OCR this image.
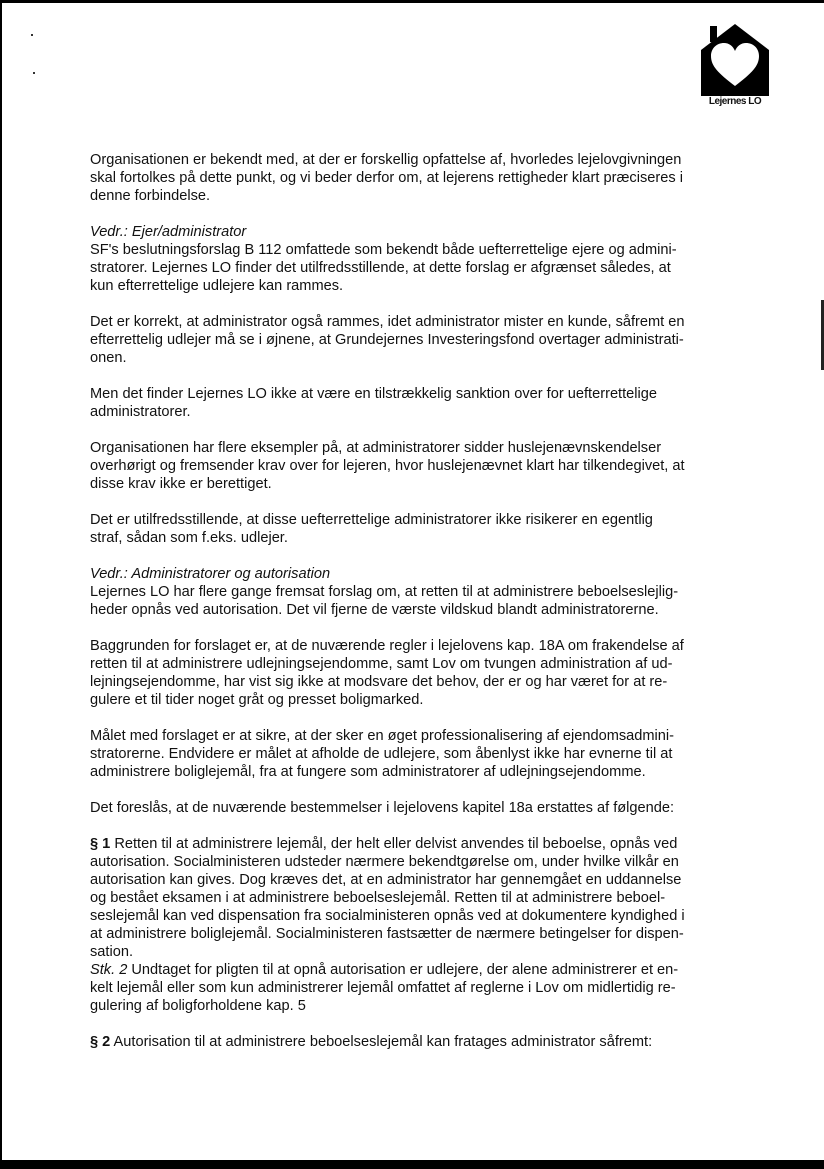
Lejernes LO

Organisationen er bekendt med, at der er forskellig opfattelse af, hvorledes lejelovgivningen
skal fortolkes på dette punkt, og vi beder derfor om, at lejerens rettigheder klart præciseres i
denne forbindelse.

Vedr.: Ejer/administrator

SF's beslutningsforslag B 112 omfattede som bekendt både uefterrettelige ejere og admini-
stratorer. Lejernes LO finder det utilfredsstillende, at dette forslag er afgrænset således, at
kun efterrettelige udlejere kan rammes.

Det er korrekt, at administrator også rammes, idet administrator mister en kunde, såfremt en
efterrettelig udlejer må se i øjnene, at Grundejernes Investeringsfond overtager administrati-
onen.

Men det finder Lejernes LO ikke at være en tilstrækkelig sanktion over for uefterrettelige
administratorer.

Organisationen har flere eksempler på, at administratorer sidder huslejenævnskendelser
overhørigt og fremsender krav over for lejeren, hvor huslejenævnet klart har tilkendegivet, at
disse krav ikke er berettiget.

Det er utilfredsstillende, at disse uefterrettelige administratorer ikke risikerer en egentlig
straf, sådan som f.eks. udlejer.

Vedr.: Administratorer og autorisation

Lejernes LO har flere gange fremsat forslag om, at retten til at administrere beboelseslejlig-
heder opnås ved autorisation. Det vil fjerne de værste vildskud blandt administratorerne.

Baggrunden for forslaget er, at de nuværende regler i lejelovens kap. 18A om frakendelse af
retten til at administrere udlejningsejendomme, samt Lov om tvungen administration af ud-
lejningsejendomme, har vist sig ikke at modsvare det behov, der er og har været for at re-
gulere et til tider noget gråt og presset boligmarked.

Målet med forslaget er at sikre, at der sker en øget professionalisering af ejendomsadmini-
stratorerne. Endvidere er målet at afholde de udlejere, som åbenlyst ikke har evnerne til at
administrere boliglejemål, fra at fungere som administratorer af udlejningsejendomme.

Det foreslås, at de nuværende bestemmelser i lejelovens kapitel 18a erstattes af følgende:

§ 1 Retten til at administrere lejemål, der helt eller delvist anvendes til beboelse, opnås ved
autorisation. Socialministeren udsteder nærmere bekendtgørelse om, under hvilke vilkår en
autorisation kan gives. Dog kræves det, at en administrator har gennemgået en uddannelse
og bestået eksamen i at administrere beboelseslejemål. Retten til at administrere beboel-
seslejemål kan ved dispensation fra socialministeren opnås ved at dokumentere kyndighed i
at administrere boliglejemål. Socialministeren fastsætter de nærmere betingelser for dispen-
sation.

Stk. 2 Undtaget for pligten til at opnå autorisation er udlejere, der alene administrerer et en-
kelt lejemål eller som kun administrerer lejemål omfattet af reglerne i Lov om midlertidig re-
gulering af boligforholdene kap. 5

§ 2 Autorisation til at administrere beboelseslejemål kan fratages administrator såfremt:
